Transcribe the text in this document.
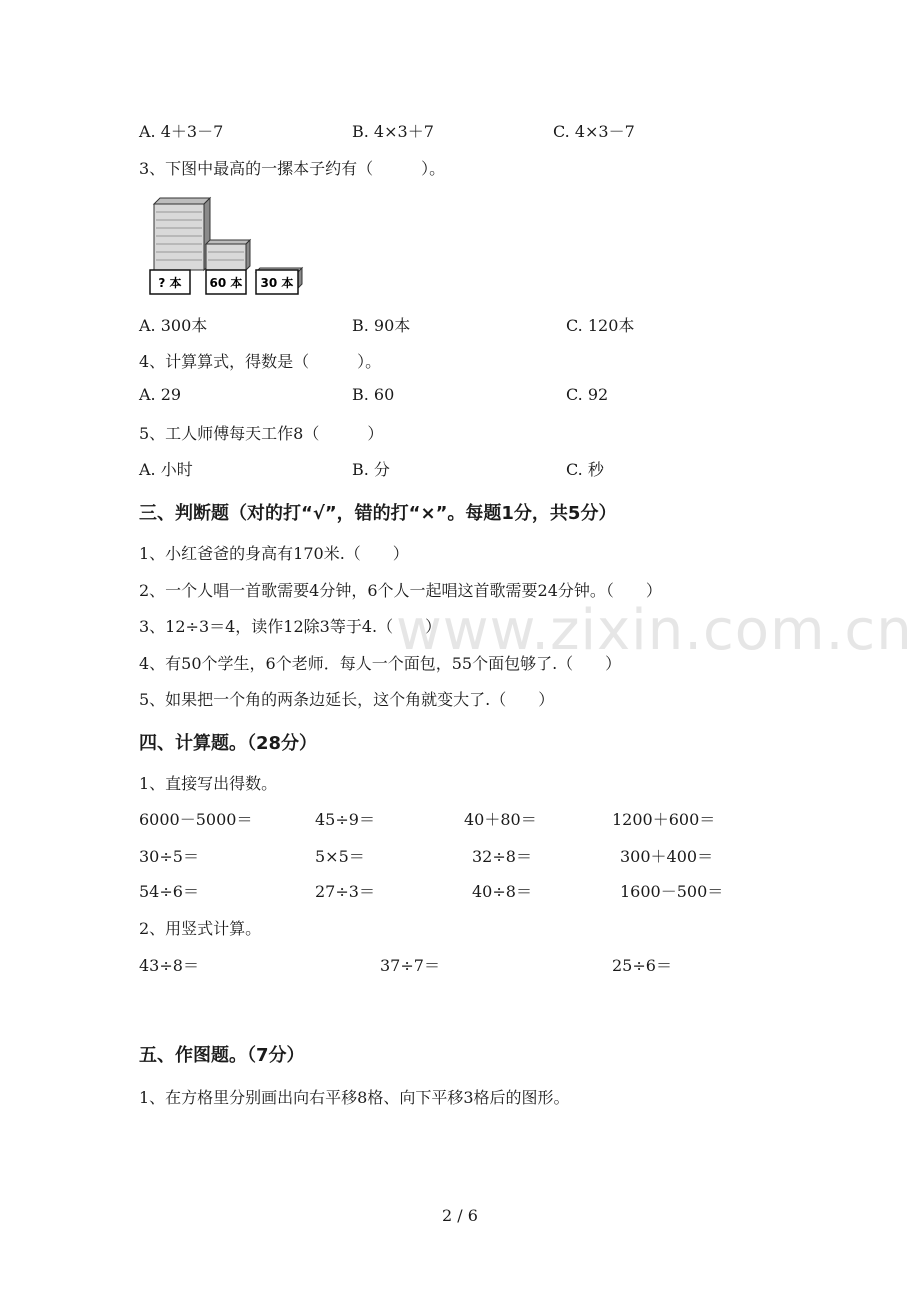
A. 4＋3－7	B. 4×3＋7	C. 4×3－7
3、下图中最高的一摞本子约有（　　　）。
? 本 60 本 30 本
A. 300本	B. 90本	C. 120本
4、计算算式，得数是（　　　）。
A. 29	B. 60	C. 92
5、工人师傅每天工作8（　　　）
A. 小时	B. 分	C. 秒
三、判断题（对的打“√”，错的打“×”。每题1分，共5分）
1、小红爸爸的身高有170米.（　　）
2、一个人唱一首歌需要4分钟，6个人一起唱这首歌需要24分钟。（　　）
3、12÷3＝4，读作12除3等于4.（　　）
4、有50个学生，6个老师．每人一个面包，55个面包够了.（　　）
5、如果把一个角的两条边延长，这个角就变大了.（　　）
四、计算题。（28分）
1、直接写出得数。
6000－5000＝	45÷9＝	40＋80＝	1200＋600＝
30÷5＝	5×5＝	32÷8＝	300＋400＝
54÷6＝	27÷3＝	40÷8＝	1600－500＝
2、用竖式计算。
43÷8＝	37÷7＝	25÷6＝
五、作图题。（7分）
1、在方格里分别画出向右平移8格、向下平移3格后的图形。
www.zixin.com.cn
2 / 6
